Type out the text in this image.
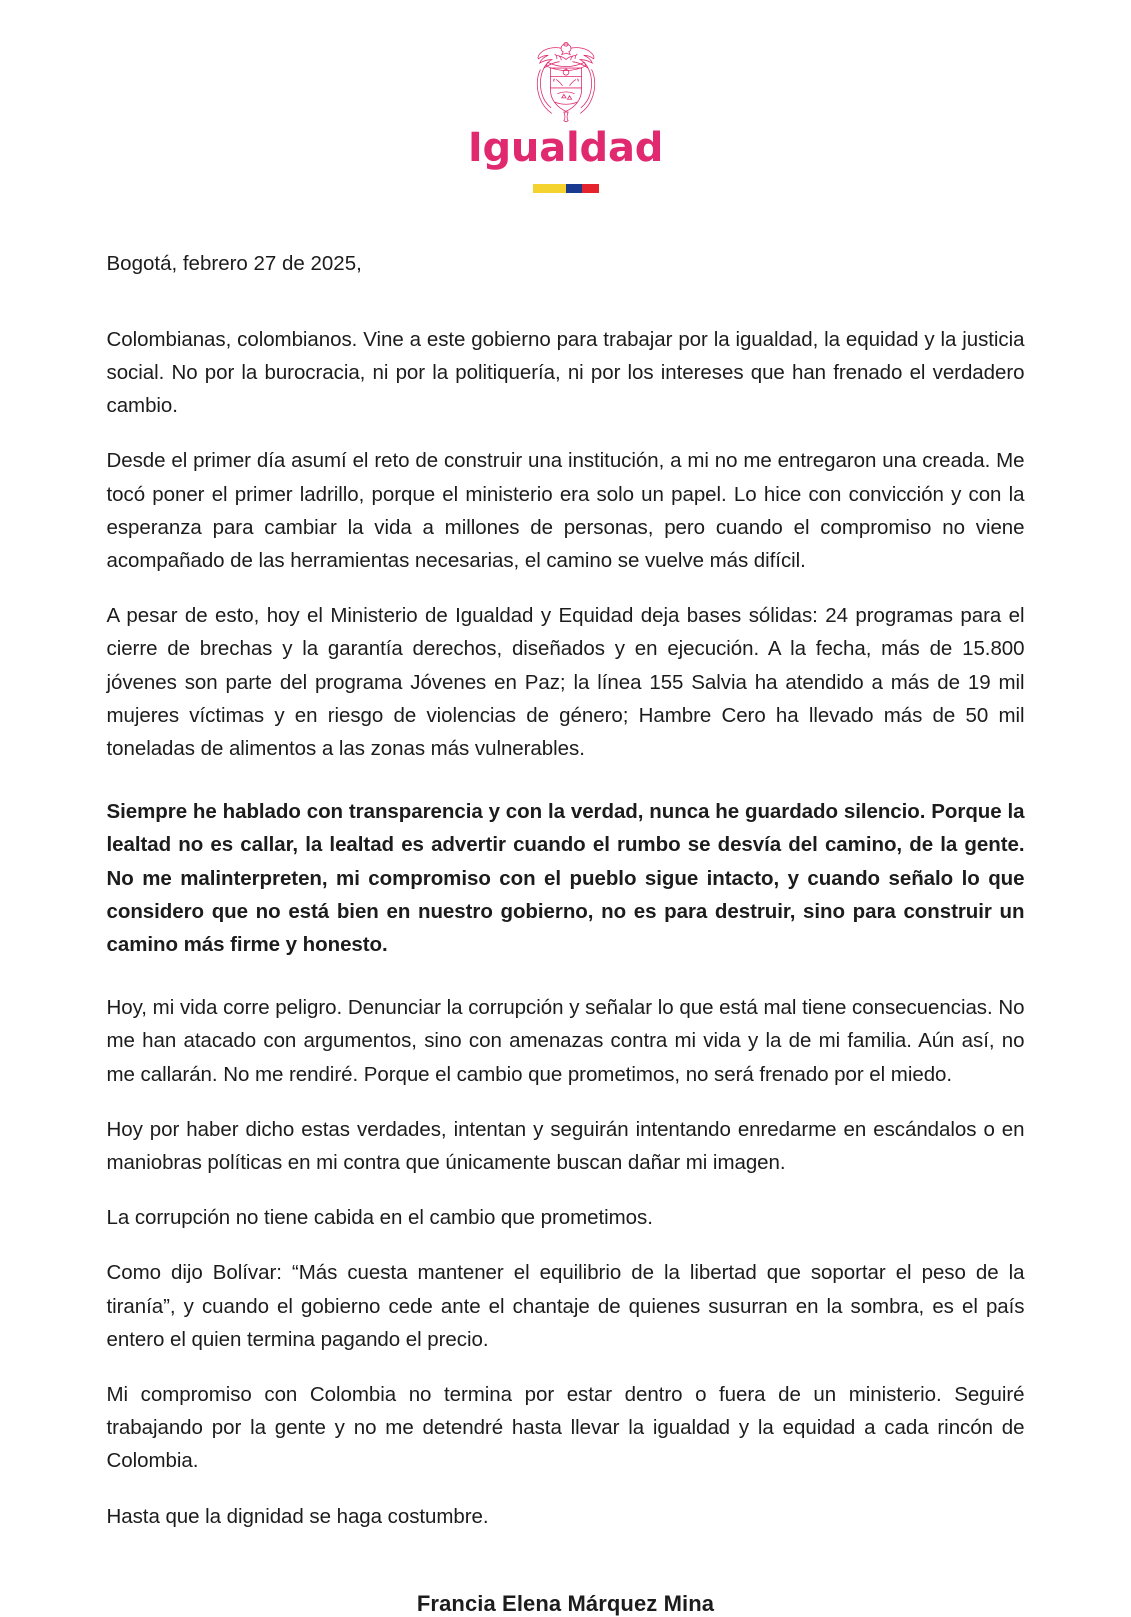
Igualdad
Bogotá, febrero 27 de 2025,

Colombianas, colombianos. Vine a este gobierno para trabajar por la igualdad, la equidad y la justicia social. No por la burocracia, ni por la politiquería, ni por los intereses que han frenado el verdadero cambio.

Desde el primer día asumí el reto de construir una institución, a mi no me entregaron una creada. Me tocó poner el primer ladrillo, porque el ministerio era solo un papel. Lo hice con convicción y con la esperanza para cambiar la vida a millones de personas, pero cuando el compromiso no viene acompañado de las herramientas necesarias, el camino se vuelve más difícil.

A pesar de esto, hoy el Ministerio de Igualdad y Equidad deja bases sólidas: 24 programas para el cierre de brechas y la garantía derechos, diseñados y en ejecución. A la fecha, más de 15.800 jóvenes son parte del programa Jóvenes en Paz; la línea 155 Salvia ha atendido a más de 19 mil mujeres víctimas y en riesgo de violencias de género; Hambre Cero ha llevado más de 50 mil toneladas de alimentos a las zonas más vulnerables.

Siempre he hablado con transparencia y con la verdad, nunca he guardado silencio. Porque la lealtad no es callar, la lealtad es advertir cuando el rumbo se desvía del camino, de la gente. No me malinterpreten, mi compromiso con el pueblo sigue intacto, y cuando señalo lo que considero que no está bien en nuestro gobierno, no es para destruir, sino para construir un camino más firme y honesto.

Hoy, mi vida corre peligro. Denunciar la corrupción y señalar lo que está mal tiene consecuencias. No me han atacado con argumentos, sino con amenazas contra mi vida y la de mi familia. Aún así, no me callarán. No me rendiré. Porque el cambio que prometimos, no será frenado por el miedo.

Hoy por haber dicho estas verdades, intentan y seguirán intentando enredarme en escándalos o en maniobras políticas en mi contra que únicamente buscan dañar mi imagen.

La corrupción no tiene cabida en el cambio que prometimos.

Como dijo Bolívar: “Más cuesta mantener el equilibrio de la libertad que soportar el peso de la tiranía”, y cuando el gobierno cede ante el chantaje de quienes susurran en la sombra, es el país entero el quien termina pagando el precio.

Mi compromiso con Colombia no termina por estar dentro o fuera de un ministerio. Seguiré trabajando por la gente y no me detendré hasta llevar la igualdad y la equidad a cada rincón de Colombia.

Hasta que la dignidad se haga costumbre.

Francia Elena Márquez Mina
